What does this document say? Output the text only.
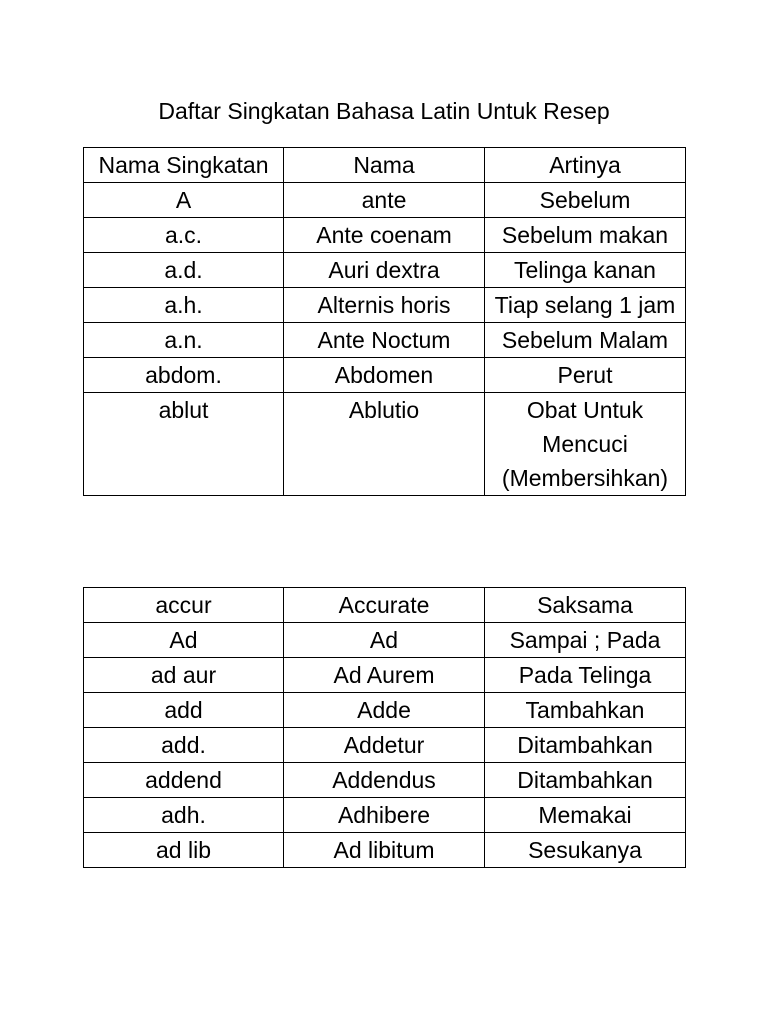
Daftar Singkatan Bahasa Latin Untuk Resep
Nama Singkatan	Nama	Artinya
A	ante	Sebelum
a.c.	Ante coenam	Sebelum makan
a.d.	Auri dextra	Telinga kanan
a.h.	Alternis horis	Tiap selang 1 jam
a.n.	Ante Noctum	Sebelum Malam
abdom.	Abdomen	Perut
ablut	Ablutio	Obat Untuk Mencuci (Membersihkan)
accur	Accurate	Saksama
Ad	Ad	Sampai ; Pada
ad aur	Ad Aurem	Pada Telinga
add	Adde	Tambahkan
add.	Addetur	Ditambahkan
addend	Addendus	Ditambahkan
adh.	Adhibere	Memakai
ad lib	Ad libitum	Sesukanya
